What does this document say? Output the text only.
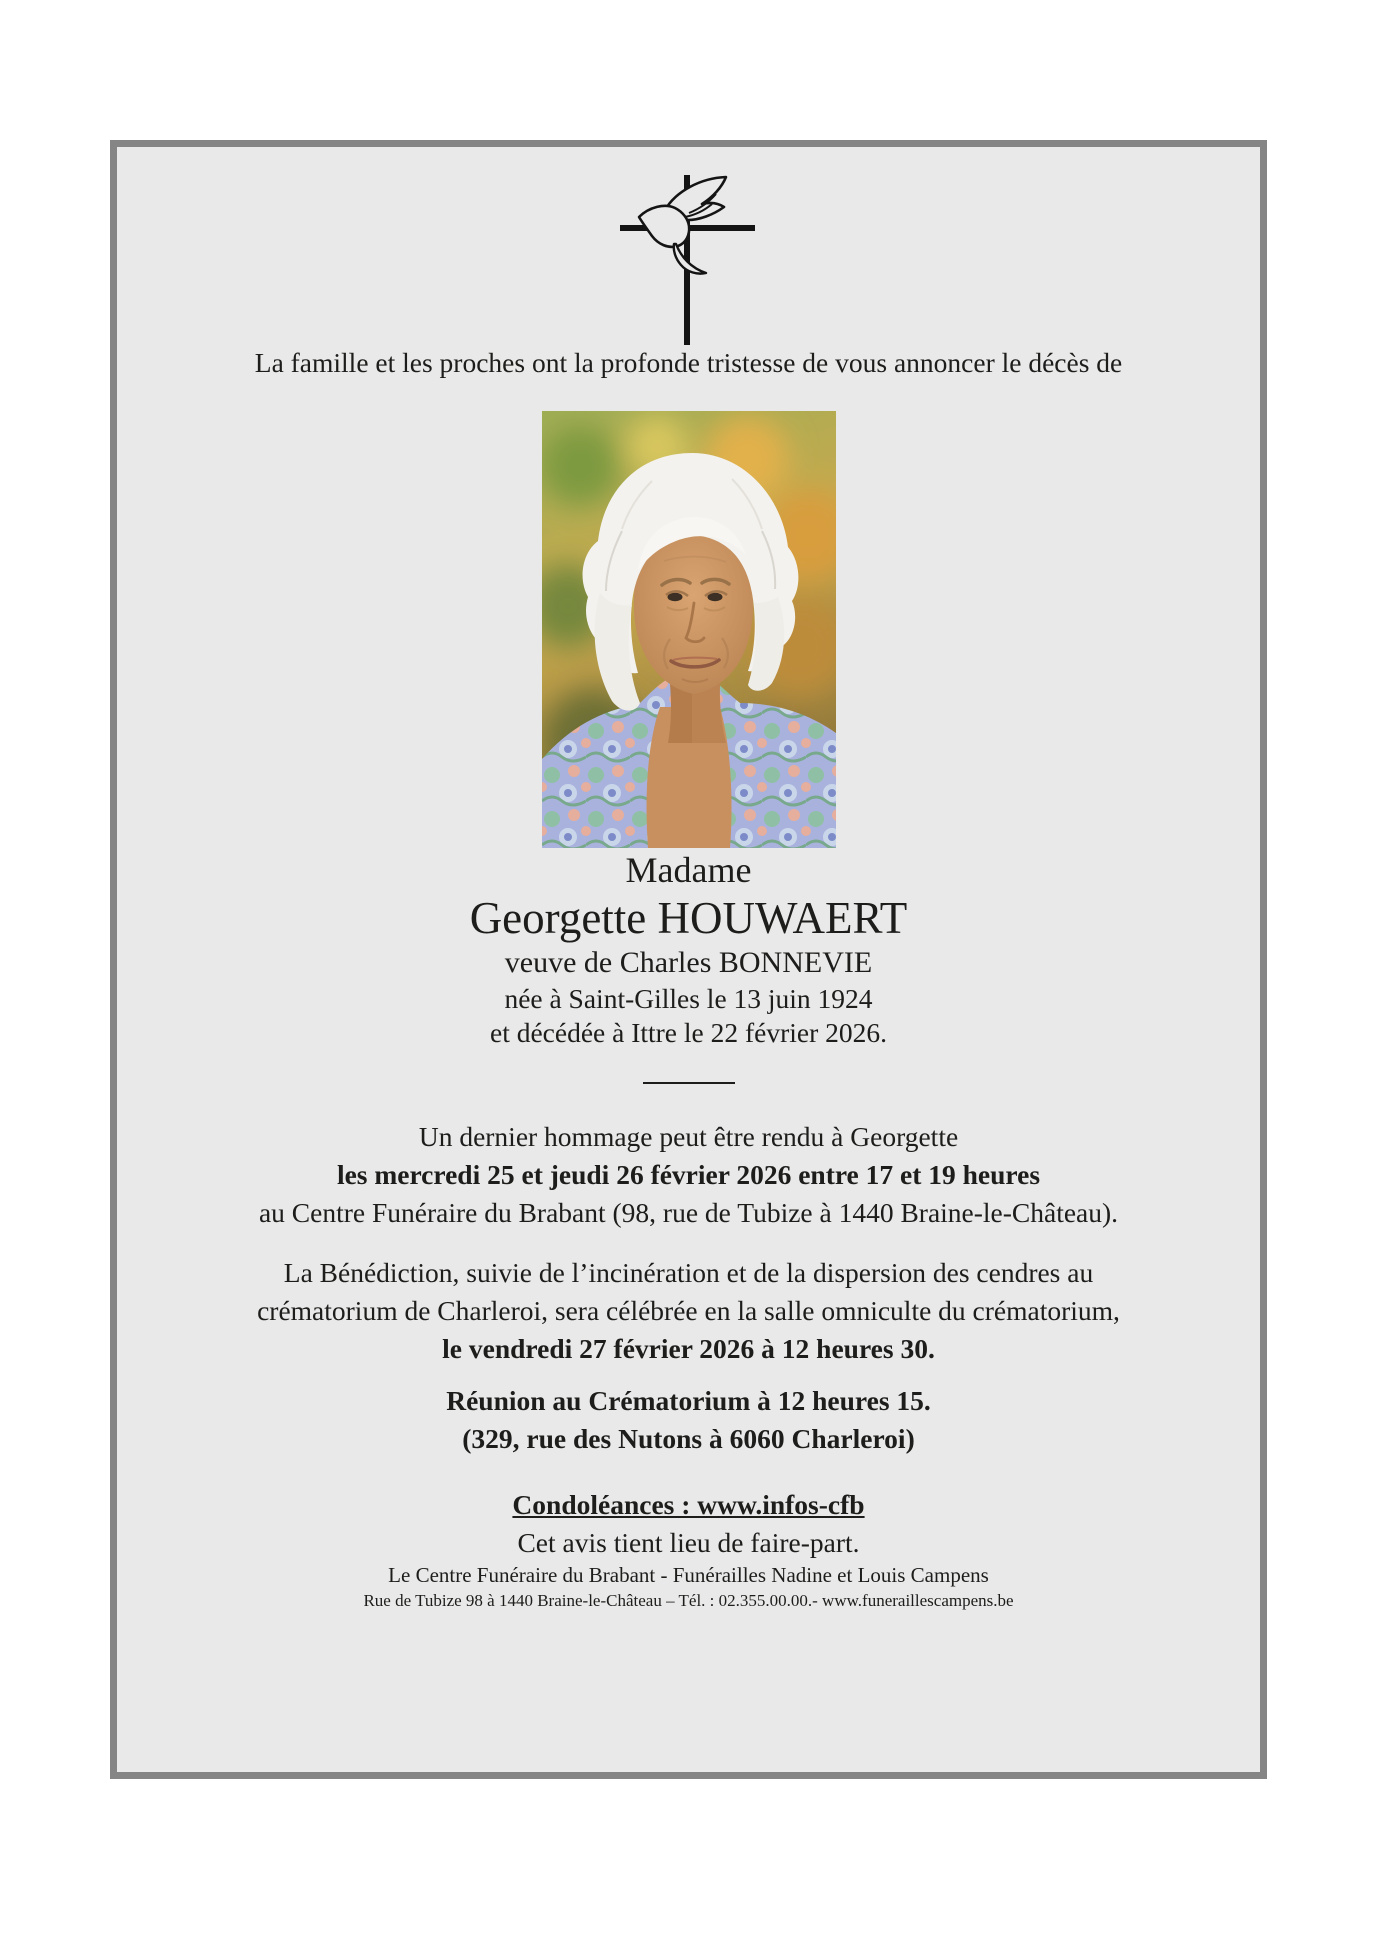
La famille et les proches ont la profonde tristesse de vous annoncer le décès de

Madame

Georgette HOUWAERT

veuve de Charles BONNEVIE

née à Saint-Gilles le 13 juin 1924

et décédée à Ittre le 22 février 2026.

Un dernier hommage peut être rendu à Georgette

les mercredi 25 et jeudi 26 février 2026 entre 17 et 19 heures

au Centre Funéraire du Brabant (98, rue de Tubize à 1440 Braine-le-Château).

La Bénédiction, suivie de l’incinération et de la dispersion des cendres au

crématorium de Charleroi, sera célébrée en la salle omniculte du crématorium,

le vendredi 27 février 2026 à 12 heures 30.

Réunion au Crématorium à 12 heures 15.

(329, rue des Nutons à 6060 Charleroi)

Condoléances : www.infos-cfb

Cet avis tient lieu de faire-part.

Le Centre Funéraire du Brabant - Funérailles Nadine et Louis Campens

Rue de Tubize 98 à 1440 Braine-le-Château – Tél. : 02.355.00.00.- www.funeraillescampens.be
